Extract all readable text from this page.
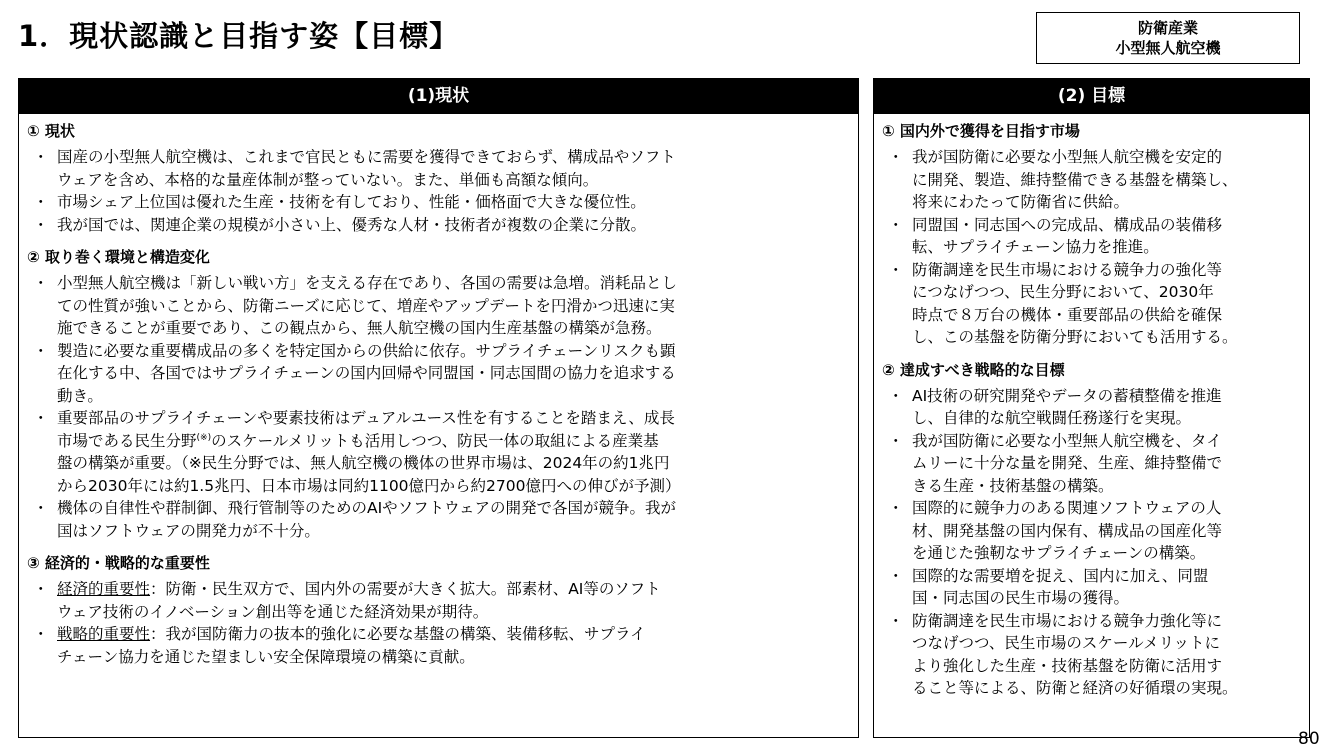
1．現状認識と目指す姿【目標】	防衛産業
小型無人航空機
(1)現状
① 現状
・ 国産の小型無人航空機は、これまで官民ともに需要を獲得できておらず、構成品やソフト
ウェアを含め、本格的な量産体制が整っていない。また、単価も高額な傾向。
・ 市場シェア上位国は優れた生産・技術を有しており、性能・価格面で大きな優位性。
・ 我が国では、関連企業の規模が小さい上、優秀な人材・技術者が複数の企業に分散。
② 取り巻く環境と構造変化
・ 小型無人航空機は「新しい戦い方」を支える存在であり、各国の需要は急増。消耗品とし
ての性質が強いことから、防衛ニーズに応じて、増産やアップデートを円滑かつ迅速に実
施できることが重要であり、この観点から、無人航空機の国内生産基盤の構築が急務。
・ 製造に必要な重要構成品の多くを特定国からの供給に依存。サプライチェーンリスクも顕
在化する中、各国ではサプライチェーンの国内回帰や同盟国・同志国間の協力を追求する
動き。
・ 重要部品のサプライチェーンや要素技術はデュアルユース性を有することを踏まえ、成長
市場である民生分野(※)のスケールメリットも活用しつつ、防民一体の取組による産業基
盤の構築が重要。（※民生分野では、無人航空機の機体の世界市場は、2024年の約1兆円
から2030年には約1.5兆円、日本市場は同約1100億円から約2700億円への伸びが予測）
・ 機体の自律性や群制御、飛行管制等のためのAIやソフトウェアの開発で各国が競争。我が
国はソフトウェアの開発力が不十分。
③ 経済的・戦略的な重要性
・ 経済的重要性：防衛・民生双方で、国内外の需要が大きく拡大。部素材、AI等のソフト
ウェア技術のイノベーション創出等を通じた経済効果が期待。
・ 戦略的重要性：我が国防衛力の抜本的強化に必要な基盤の構築、装備移転、サプライ
チェーン協力を通じた望ましい安全保障環境の構築に貢献。
(2) 目標
① 国内外で獲得を目指す市場
・ 我が国防衛に必要な小型無人航空機を安定的
に開発、製造、維持整備できる基盤を構築し、
将来にわたって防衛省に供給。
・ 同盟国・同志国への完成品、構成品の装備移
転、サプライチェーン協力を推進。
・ 防衛調達を民生市場における競争力の強化等
につなげつつ、民生分野において、2030年
時点で８万台の機体・重要部品の供給を確保
し、この基盤を防衛分野においても活用する。
② 達成すべき戦略的な目標
・ AI技術の研究開発やデータの蓄積整備を推進
し、自律的な航空戦闘任務遂行を実現。
・ 我が国防衛に必要な小型無人航空機を、タイ
ムリーに十分な量を開発、生産、維持整備で
きる生産・技術基盤の構築。
・ 国際的に競争力のある関連ソフトウェアの人
材、開発基盤の国内保有、構成品の国産化等
を通じた強靭なサプライチェーンの構築。
・ 国際的な需要増を捉え、国内に加え、同盟
国・同志国の民生市場の獲得。
・ 防衛調達を民生市場における競争力強化等に
つなげつつ、民生市場のスケールメリットに
より強化した生産・技術基盤を防衛に活用す
ること等による、防衛と経済の好循環の実現。
80
